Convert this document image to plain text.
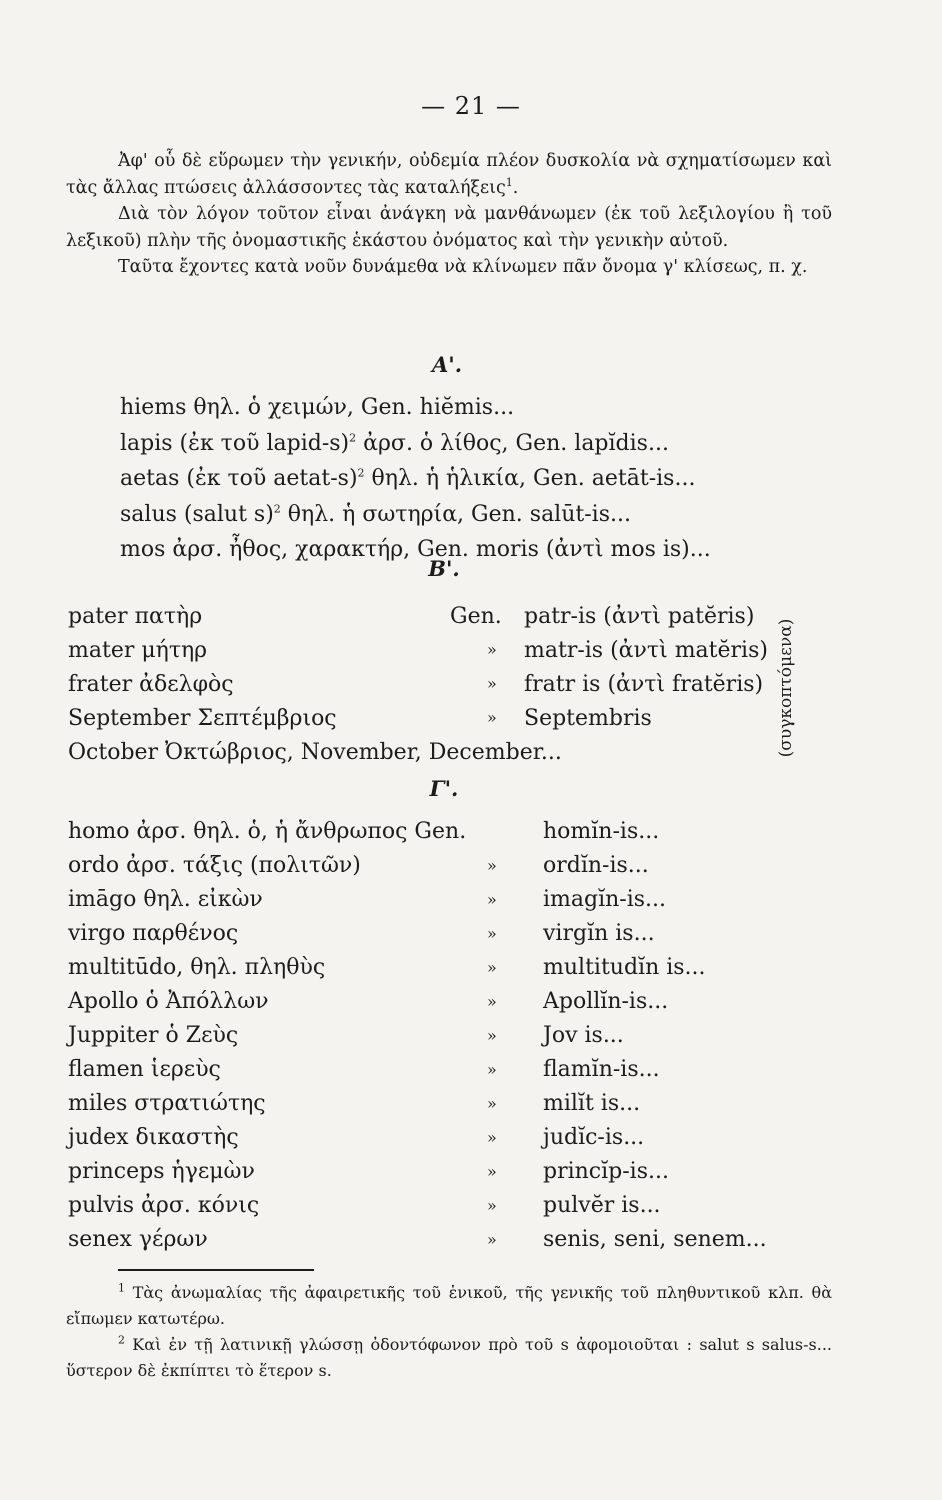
— 21 —

Ἀφ' οὗ δὲ εὕρωμεν τὴν γενικήν, οὐδεμία πλέον δυσκολία νὰ σχηματίσωμεν καὶ τὰς ἄλλας πτώσεις ἀλλάσσοντες τὰς καταλήξεις$^1$.

Διὰ τὸν λόγον τοῦτον εἶναι ἀνάγκη νὰ μανθάνωμεν (ἐκ τοῦ λεξιλογίου ἢ τοῦ λεξικοῦ) πλὴν τῆς ὀνομαστικῆς ἑκάστου ὀνόματος καὶ τὴν γενικὴν αὐτοῦ.

Ταῦτα ἔχοντες κατὰ νοῦν δυνάμεθα νὰ κλίνωμεν πᾶν ὄνομα γ' κλίσεως, π. χ.

Α'.
hiems θηλ. ὁ χειμών, Gen. hiĕmis...
lapis (ἐκ τοῦ lapid-s)$^2$ ἀρσ. ὁ λίθος, Gen. lapĭdis...
aetas (ἐκ τοῦ aetat-s)$^2$ θηλ. ἡ ἡλικία, Gen. aetāt-is...
salus (salut s)$^2$ θηλ. ἡ σωτηρία, Gen. salūt-is...
mos ἀρσ. ἦθος, χαρακτήρ, Gen. moris (ἀντὶ mos is)...
Β'.
pater πατὴρ	Gen. patr-is (ἀντὶ patĕris)
mater μήτηρ	» matr-is (ἀντὶ matĕris)
frater ἀδελφὸς	» fratr is (ἀντὶ fratĕris)
September Σεπτέμβριος	» Septembris
October Ὀκτώβριος, November, December...	(συγκοπτόμενα)
Γ'.
homo ἀρσ. θηλ. ὁ, ἡ ἄνθρωπος Gen.	homĭn-is...
ordo ἀρσ. τάξις (πολιτῶν)	» ordĭn-is...
imāgo θηλ. εἰκὼν	» imagĭn-is...
virgo παρθένος	» virgĭn is...
multitūdo, θηλ. πληθὺς	» multitudĭn is...
Apollo ὁ Ἀπόλλων	» Apollĭn-is...
Juppiter ὁ Ζεὺς	» Jov is...
flamen ἱερεὺς	» flamĭn-is...
miles στρατιώτης	» milĭt is...
judex δικαστὴς	» judĭc-is...
princeps ἡγεμὼν	» princĭp-is...
pulvis ἀρσ. κόνις	» pulvĕr is...
senex γέρων	» senis, seni, senem...

$^1$ Τὰς ἀνωμαλίας τῆς ἀφαιρετικῆς τοῦ ἑνικοῦ, τῆς γενικῆς τοῦ πληθυντικοῦ κλπ. θὰ εἴπωμεν κατωτέρω.

$^2$ Καὶ ἐν τῇ λατινικῇ γλώσσῃ ὀδοντόφωνον πρὸ τοῦ s ἀφομοιοῦται : salut s salus-s... ὕστερον δὲ ἐκπίπτει τὸ ἕτερον s.
